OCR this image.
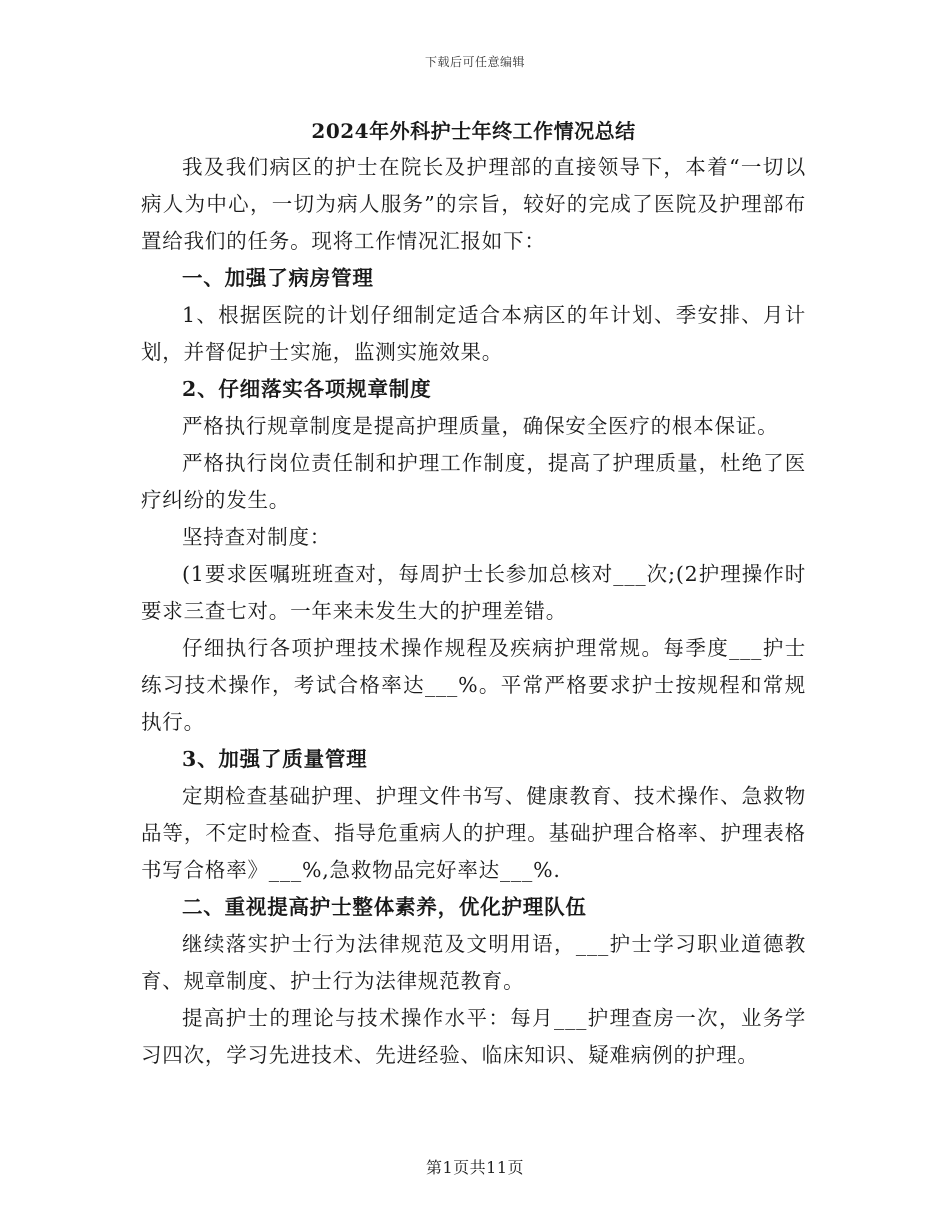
下载后可任意编辑
2024年外科护士年终工作情况总结

我及我们病区的护士在院长及护理部的直接领导下，本着“一切以病人为中心，一切为病人服务”的宗旨，较好的完成了医院及护理部布置给我们的任务。现将工作情况汇报如下：

一、加强了病房管理

1、根据医院的计划仔细制定适合本病区的年计划、季安排、月计划，并督促护士实施，监测实施效果。

2、仔细落实各项规章制度

严格执行规章制度是提高护理质量，确保安全医疗的根本保证。

严格执行岗位责任制和护理工作制度，提高了护理质量，杜绝了医疗纠纷的发生。

坚持查对制度：

(1要求医嘱班班查对，每周护士长参加总核对___次;(2护理操作时要求三查七对。一年来未发生大的护理差错。

仔细执行各项护理技术操作规程及疾病护理常规。每季度___护士练习技术操作，考试合格率达___%。平常严格要求护士按规程和常规执行。

3、加强了质量管理

定期检查基础护理、护理文件书写、健康教育、技术操作、急救物品等，不定时检查、指导危重病人的护理。基础护理合格率、护理表格书写合格率》___%,急救物品完好率达___%.

二、重视提高护士整体素养，优化护理队伍

继续落实护士行为法律规范及文明用语，___护士学习职业道德教育、规章制度、护士行为法律规范教育。

提高护士的理论与技术操作水平：每月___护理查房一次，业务学习四次，学习先进技术、先进经验、临床知识、疑难病例的护理。

第1页共11页
